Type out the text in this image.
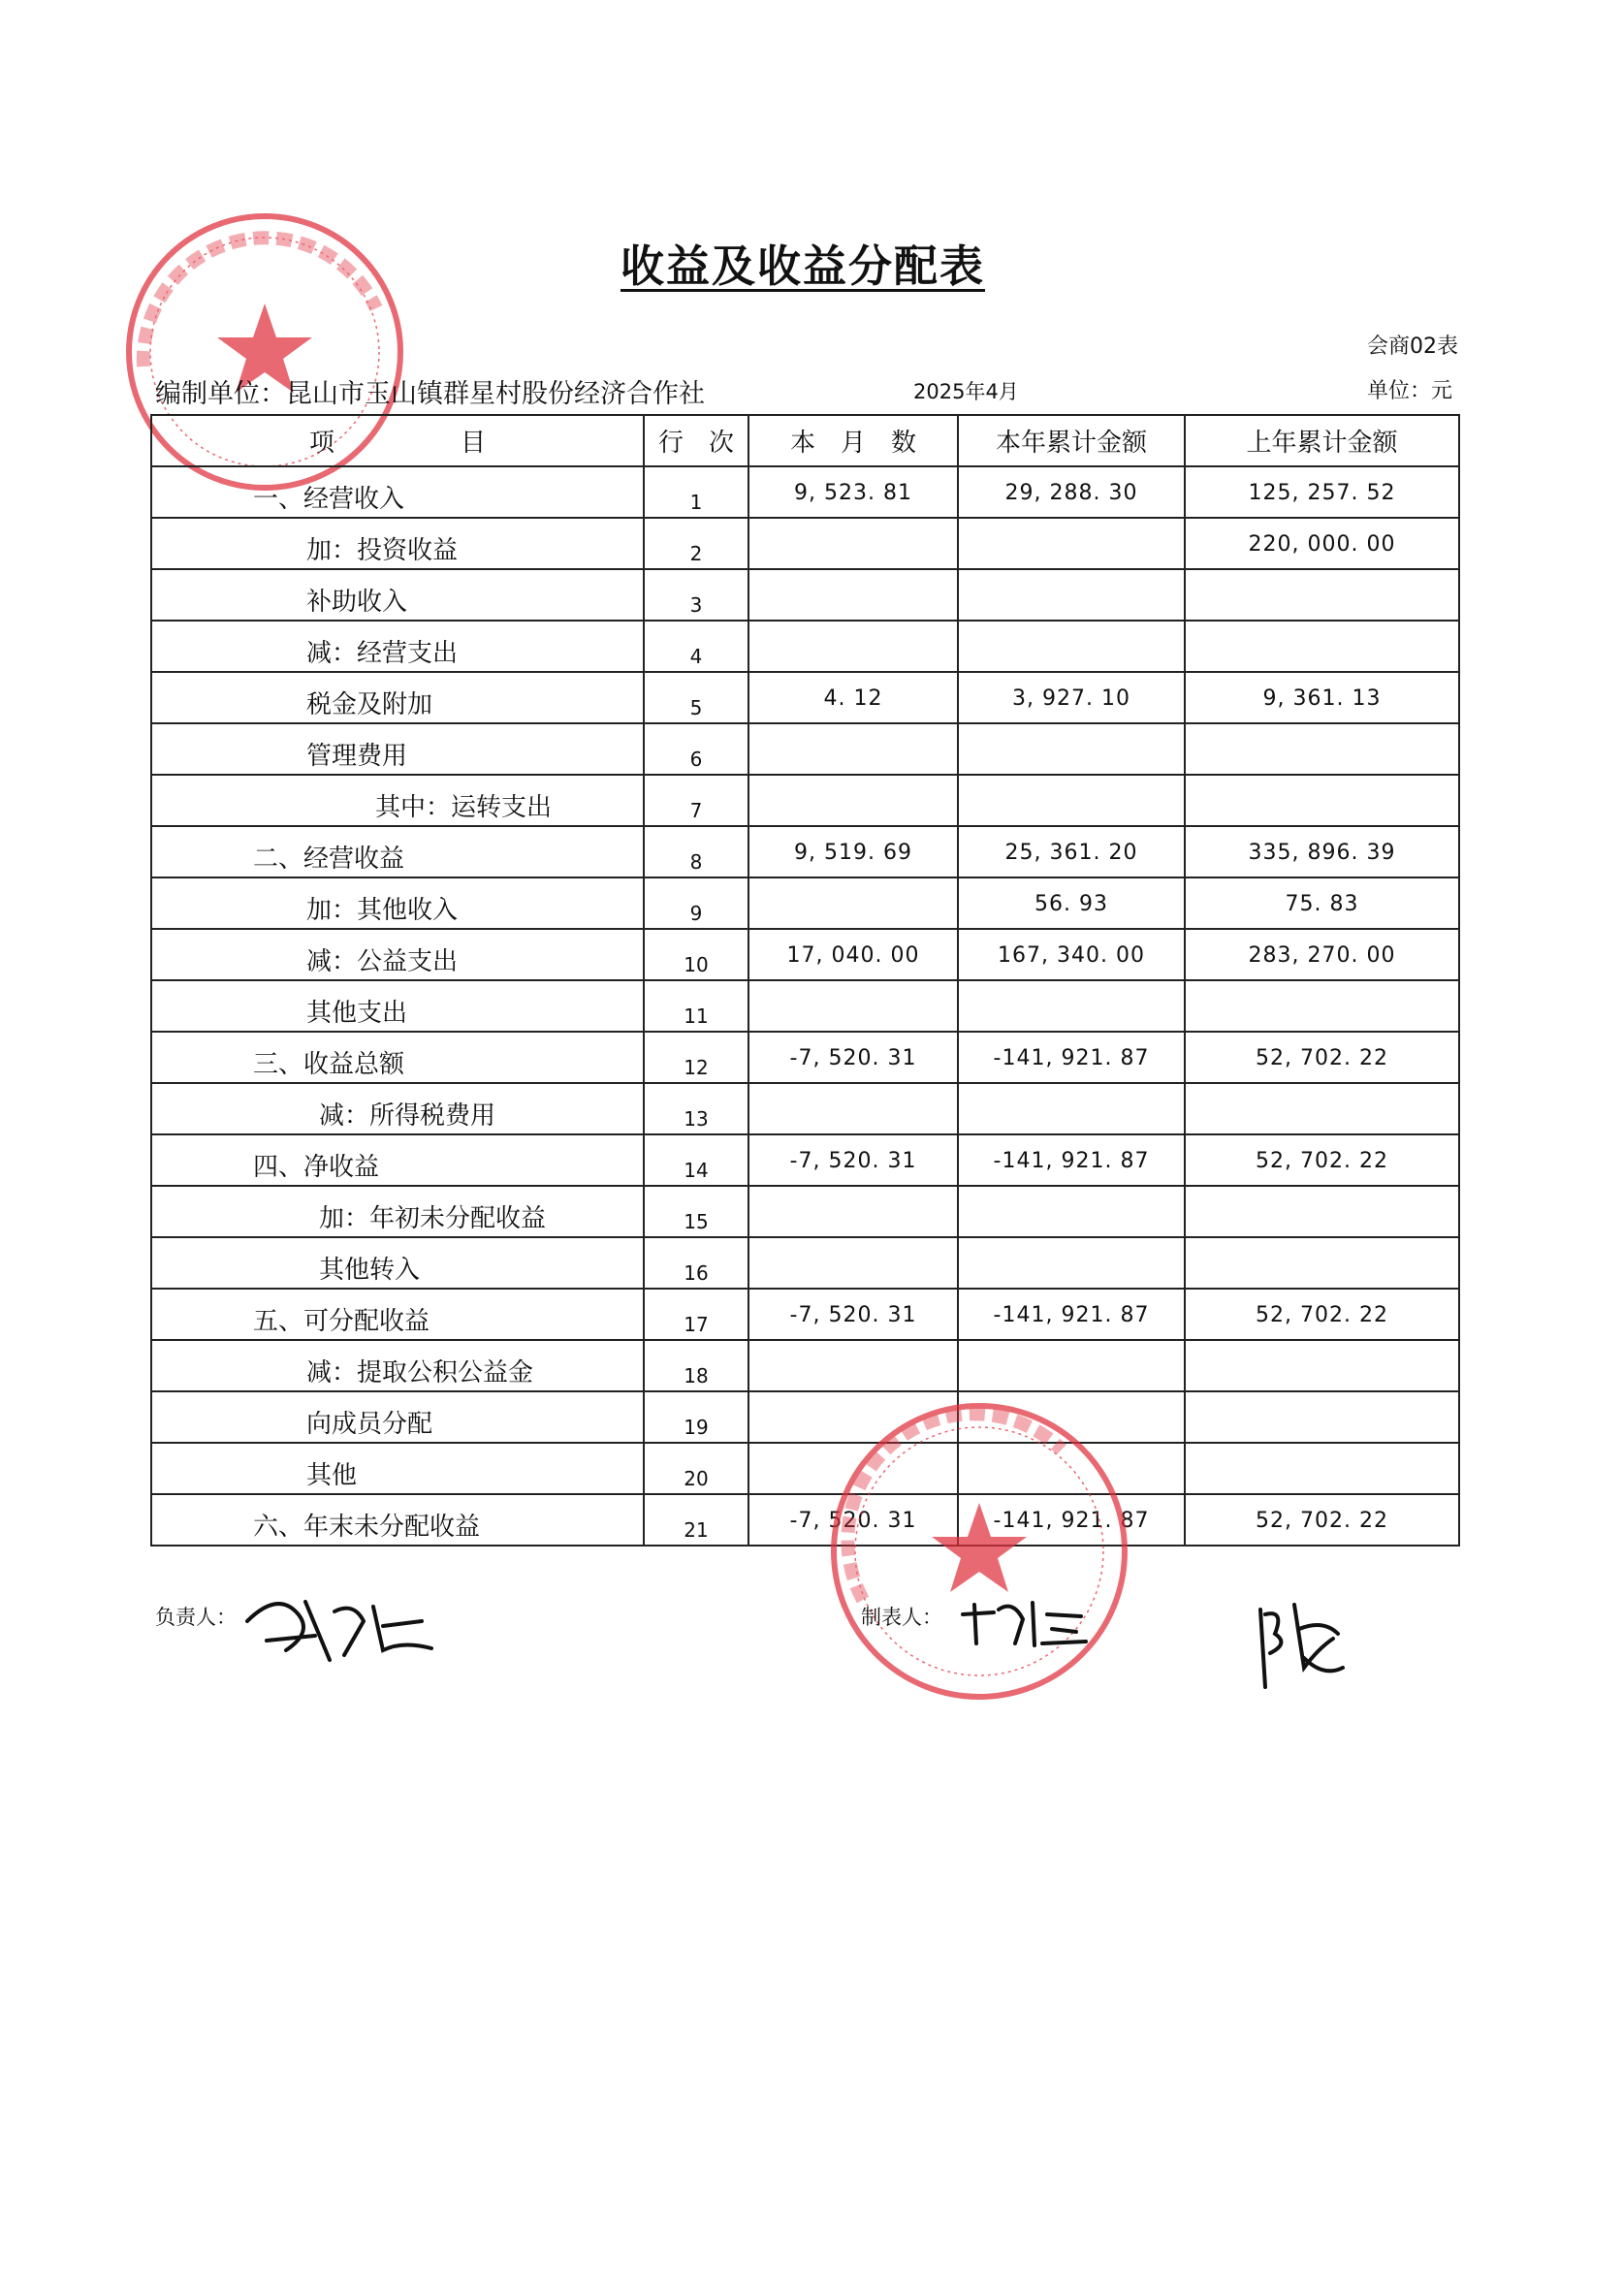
收益及收益分配表
会商02表
编制单位：昆山市玉山镇群星村股份经济合作社	2025年4月	单位：元
项　　　　　目	行　次	本　月　数	本年累计金额	上年累计金额
一、经营收入	1	9, 523. 81	29, 288. 30	125, 257. 52
加：投资收益	2			220, 000. 00
补助收入	3			
减：经营支出	4			
税金及附加	5	4. 12	3, 927. 10	9, 361. 13
管理费用	6			
其中：运转支出	7			
二、经营收益	8	9, 519. 69	25, 361. 20	335, 896. 39
加：其他收入	9		56. 93	75. 83
减：公益支出	10	17, 040. 00	167, 340. 00	283, 270. 00
其他支出	11			
三、收益总额	12	-7, 520. 31	-141, 921. 87	52, 702. 22
减：所得税费用	13			
四、净收益	14	-7, 520. 31	-141, 921. 87	52, 702. 22
加：年初未分配收益	15			
其他转入	16			
五、可分配收益	17	-7, 520. 31	-141, 921. 87	52, 702. 22
减：提取公积公益金	18			
向成员分配	19			
其他	20			
六、年末未分配收益	21	-7, 520. 31	-141, 921. 87	52, 702. 22
负责人：	制表人：
